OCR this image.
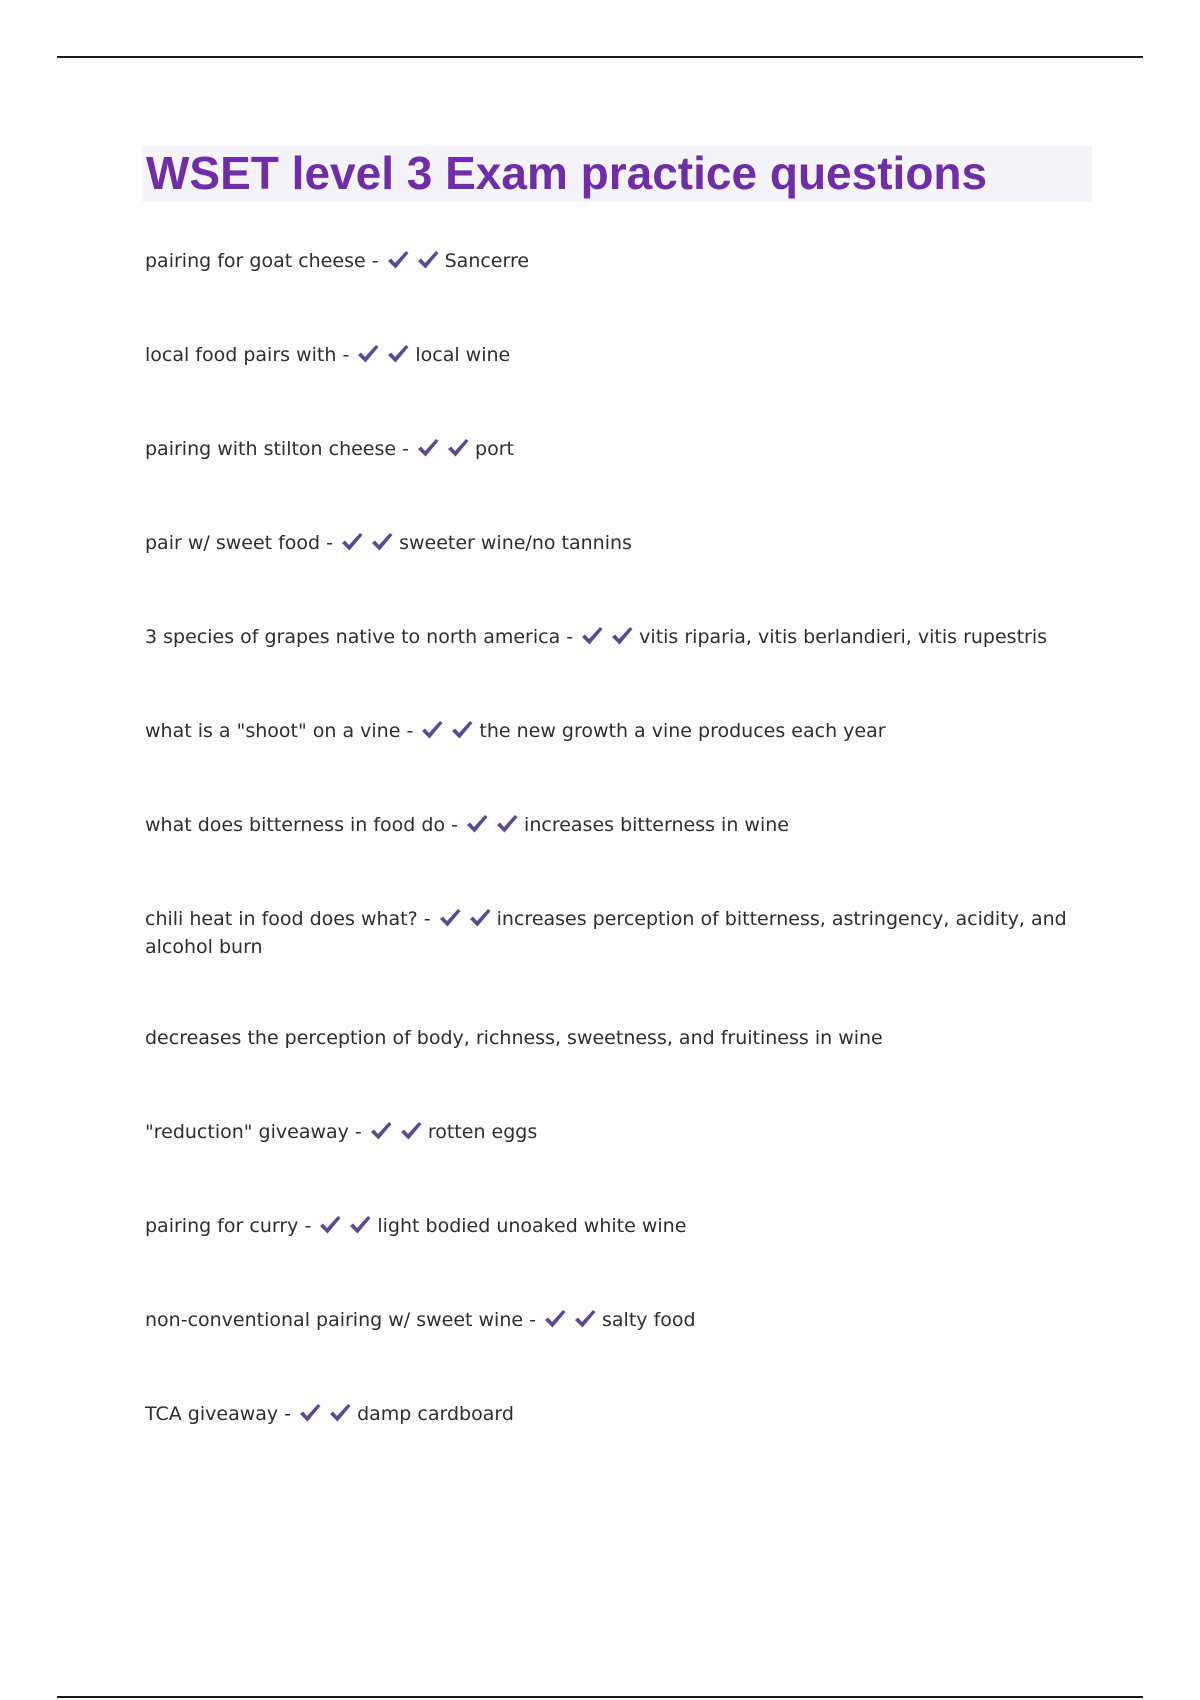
WSET level 3 Exam practice questions
pairing for goat cheese -	Sancerre
local food pairs with -	local wine
pairing with stilton cheese -	port
pair w/ sweet food -	sweeter wine/no tannins
3 species of grapes native to north america -	vitis riparia, vitis berlandieri, vitis rupestris
what is a "shoot" on a vine -	the new growth a vine produces each year
what does bitterness in food do -	increases bitterness in wine
chili heat in food does what? -	increases perception of bitterness, astringency, acidity, and alcohol burn
decreases the perception of body, richness, sweetness, and fruitiness in wine
"reduction" giveaway -	rotten eggs
pairing for curry -	light bodied unoaked white wine
non-conventional pairing w/ sweet wine -	salty food
TCA giveaway -	damp cardboard
